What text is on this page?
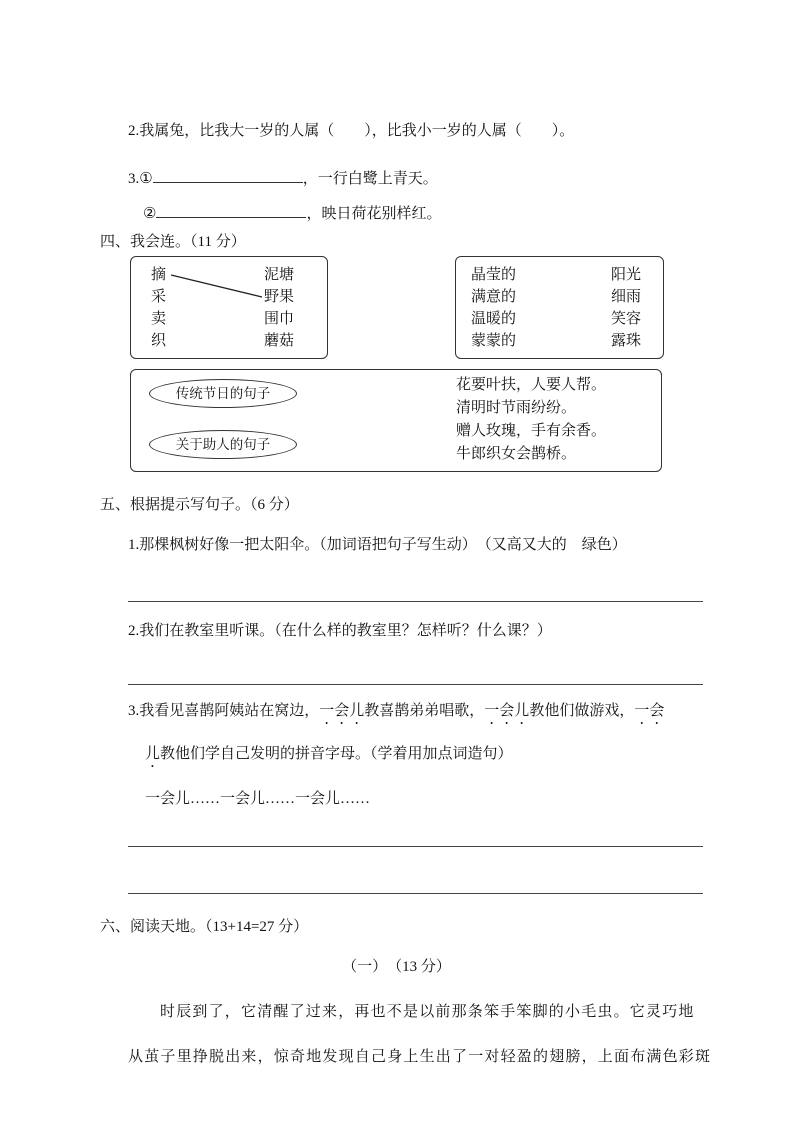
2.我属兔，比我大一岁的人属（　　），比我小一岁的人属（　　）。
3.①	，一行白鹭上青天。
②	，映日荷花别样红。
四、我会连。（11 分）
摘
采
卖
织
泥塘
野果
围巾
蘑菇
晶莹的
满意的
温暖的
蒙蒙的
阳光
细雨
笑容
露珠
传统节日的句子
关于助人的句子
花要叶扶，人要人帮。
清明时节雨纷纷。
赠人玫瑰，手有余香。
牛郎织女会鹊桥。
五、根据提示写句子。（6 分）
1.那棵枫树好像一把太阳伞。（加词语把句子写生动）　（又高又大的　绿色）
2.我们在教室里听课。（在什么样的教室里？怎样听？什么课？）
3.我看见喜鹊阿姨站在窝边，一会儿教喜鹊弟弟唱歌，一会儿教他们做游戏，一会
儿教他们学自己发明的拼音字母。（学着用加点词造句）
一会儿……一会儿……一会儿……
六、阅读天地。（13+14=27 分）
（一）　（13 分）
时辰到了，它清醒了过来，再也不是以前那条笨手笨脚的小毛虫。它灵巧地
从茧子里挣脱出来，惊奇地发现自己身上生出了一对轻盈的翅膀，上面布满色彩斑
